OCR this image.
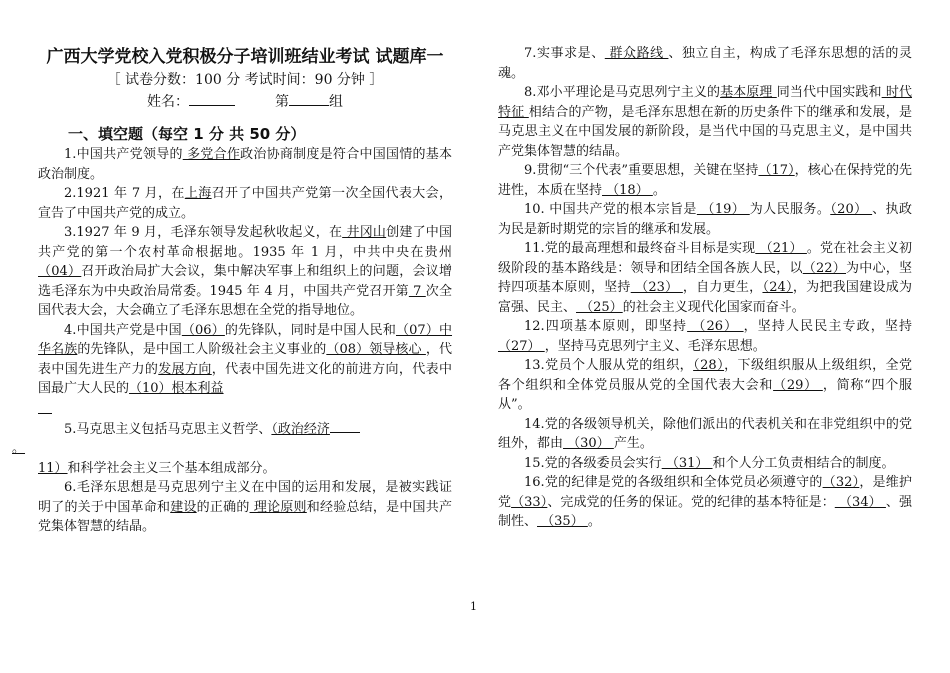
广西大学党校入党积极分子培训班结业考试 试题库一
［ 试卷分数：100 分 考试时间：90 分钟 ］
姓名：	第	组
一、填空题（每空 1 分 共 50 分）

1.中国共产党领导的 多党合作政治协商制度是符合中国国情的基本政治制度。

2.1921 年 7 月，在上海召开了中国共产党第一次全国代表大会，宣告了中国共产党的成立。

3.1927 年 9 月，毛泽东领导发起秋收起义，在 井冈山创建了中国共产党的第一个农村革命根据地。1935 年 1 月，中共中央在贵州 （04）召开政治局扩大会议，集中解决军事上和组织上的问题，会议增选毛泽东为中央政治局常委。1945 年 4 月，中国共产党召开第 7 次全国代表大会，大会确立了毛泽东思想在全党的指导地位。

4.中国共产党是中国（06）的先锋队，同时是中国人民和（07）中华名族的先锋队，是中国工人阶级社会主义事业的（08）领导核心 ，代表中国先进生产力的发展方向，代表中国先进文化的前进方向，代表中国最广大人民的（10）根本利益

5.马克思主义包括马克思主义哲学、（政治经济
。

11）和科学社会主义三个基本组成部分。

6.毛泽东思想是马克思列宁主义在中国的运用和发展，是被实践证明了的关于中国革命和建设的正确的 理论原则和经验总结，是中国共产党集体智慧的结晶。

7.实事求是、 群众路线 、独立自主，构成了毛泽东思想的活的灵魂。

8.邓小平理论是马克思列宁主义的基本原理 同当代中国实践和 时代特征 相结合的产物，是毛泽东思想在新的历史条件下的继承和发展，是马克思主义在中国发展的新阶段，是当代中国的马克思主义，是中国共产党集体智慧的结晶。

9.贯彻“三个代表”重要思想，关键在坚持（17），核心在保持党的先进性，本质在坚持 （18） 。

10. 中国共产党的根本宗旨是 （19） 为人民服务。（20） 、执政为民是新时期党的宗旨的继承和发展。

11.党的最高理想和最终奋斗目标是实现 （21） 。党在社会主义初级阶段的基本路线是：领导和团结全国各族人民，以（22）为中心，坚持四项基本原则，坚持 （23） ，自力更生，（24），为把我国建设成为富强、民主、 （25）的社会主义现代化国家而奋斗。

12.四项基本原则，即坚持 （26） ，坚持人民民主专政，坚持 （27） ，坚持马克思列宁主义、毛泽东思想。

13.党员个人服从党的组织，（28），下级组织服从上级组织，全党各个组织和全体党员服从党的全国代表大会和（29） ，简称“四个服从”。

14.党的各级领导机关，除他们派出的代表机关和在非党组织中的党组外，都由 （30） 产生。

15.党的各级委员会实行 （31） 和个人分工负责相结合的制度。

16.党的纪律是党的各级组织和全体党员必须遵守的（32），是维护党（33）、完成党的任务的保证。党的纪律的基本特征是： （34） 、强制性、 （35） 。

1
